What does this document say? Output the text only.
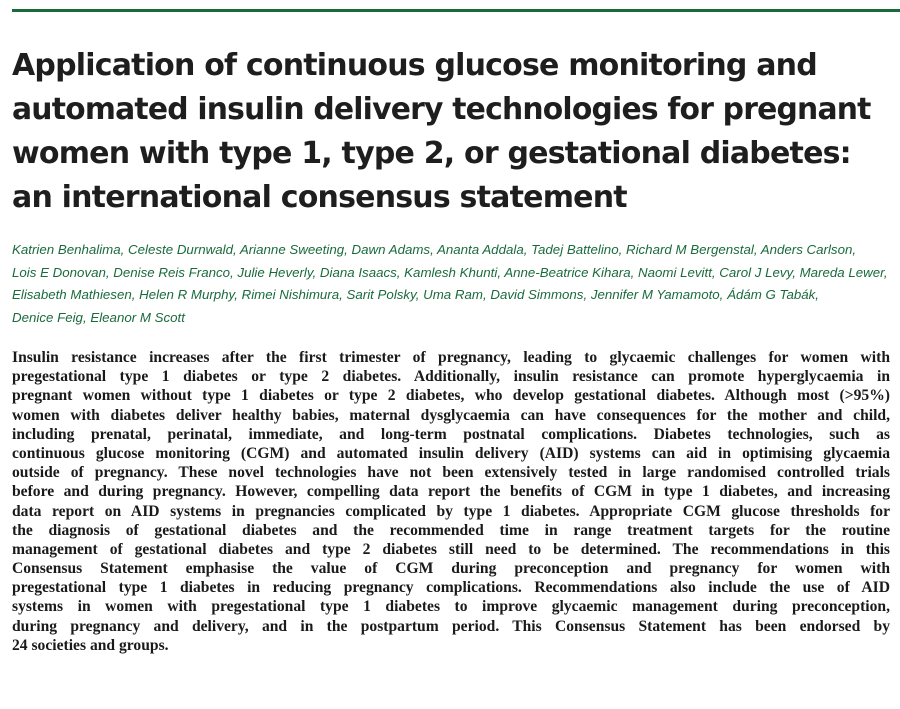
Application of continuous glucose monitoring and
automated insulin delivery technologies for pregnant
women with type 1, type 2, or gestational diabetes:
an international consensus statement

Katrien Benhalima, Celeste Durnwald, Arianne Sweeting, Dawn Adams, Ananta Addala, Tadej Battelino, Richard M Bergenstal, Anders Carlson,
Lois E Donovan, Denise Reis Franco, Julie Heverly, Diana Isaacs, Kamlesh Khunti, Anne-Beatrice Kihara, Naomi Levitt, Carol J Levy, Mareda Lewer,
Elisabeth Mathiesen, Helen R Murphy, Rimei Nishimura, Sarit Polsky, Uma Ram, David Simmons, Jennifer M Yamamoto, Ádám G Tabák,
Denice Feig, Eleanor M Scott

Insulin resistance increases after the first trimester of pregnancy, leading to glycaemic challenges for women with
pregestational type 1 diabetes or type 2 diabetes. Additionally, insulin resistance can promote hyperglycaemia in
pregnant women without type 1 diabetes or type 2 diabetes, who develop gestational diabetes. Although most (>95%)
women with diabetes deliver healthy babies, maternal dysglycaemia can have consequences for the mother and child,
including prenatal, perinatal, immediate, and long-term postnatal complications. Diabetes technologies, such as
continuous glucose monitoring (CGM) and automated insulin delivery (AID) systems can aid in optimising glycaemia
outside of pregnancy. These novel technologies have not been extensively tested in large randomised controlled trials
before and during pregnancy. However, compelling data report the benefits of CGM in type 1 diabetes, and increasing
data report on AID systems in pregnancies complicated by type 1 diabetes. Appropriate CGM glucose thresholds for
the diagnosis of gestational diabetes and the recommended time in range treatment targets for the routine
management of gestational diabetes and type 2 diabetes still need to be determined. The recommendations in this
Consensus Statement emphasise the value of CGM during preconception and pregnancy for women with
pregestational type 1 diabetes in reducing pregnancy complications. Recommendations also include the use of AID
systems in women with pregestational type 1 diabetes to improve glycaemic management during preconception,
during pregnancy and delivery, and in the postpartum period. This Consensus Statement has been endorsed by
24 societies and groups.
